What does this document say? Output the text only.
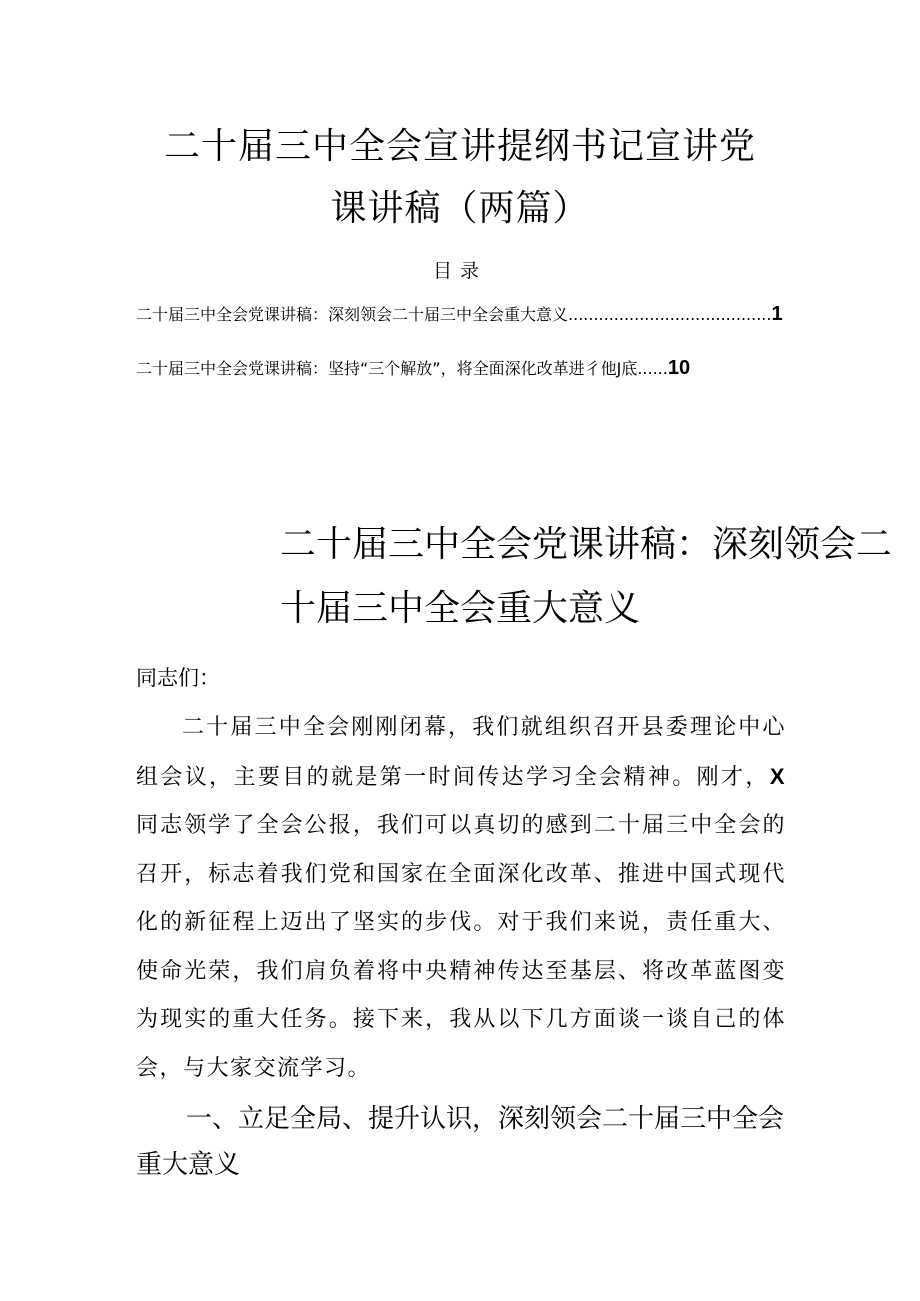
二十届三中全会宣讲提纲书记宣讲党
课讲稿（两篇）
目录
二十届三中全会党课讲稿：深刻领会二十届三中全会重大意义........................................1
二十届三中全会党课讲稿：坚持“三个解放”，将全面深化改革进彳他J底......10
二十届三中全会党课讲稿：深刻领会二
十届三中全会重大意义
同志们：
二十届三中全会刚刚闭幕，我们就组织召开县委理论中心组会议，主要目的就是第一时间传达学习全会精神。刚才，X同志领学了全会公报，我们可以真切的感到二十届三中全会的召开，标志着我们党和国家在全面深化改革、推进中国式现代化的新征程上迈出了坚实的步伐。对于我们来说，责任重大、使命光荣，我们肩负着将中央精神传达至基层、将改革蓝图变为现实的重大任务。接下来，我从以下几方面谈一谈自己的体会，与大家交流学习。
一、立足全局、提升认识，深刻领会二十届三中全会重大意义
